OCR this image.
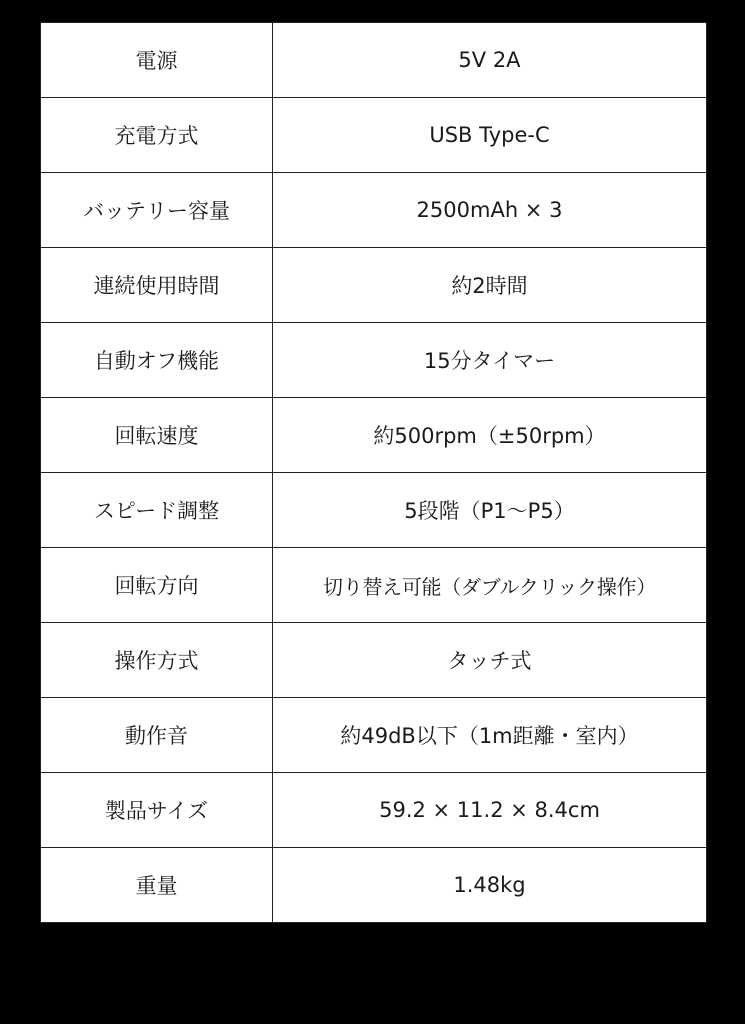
電源	5V 2A
充電方式	USB Type-C
バッテリー容量	2500mAh × 3
連続使用時間	約2時間
自動オフ機能	15分タイマー
回転速度	約500rpm（±50rpm）
スピード調整	5段階（P1〜P5）
回転方向	切り替え可能（ダブルクリック操作）
操作方式	タッチ式
動作音	約49dB以下（1m距離・室内）
製品サイズ	59.2 × 11.2 × 8.4cm
重量	1.48kg
